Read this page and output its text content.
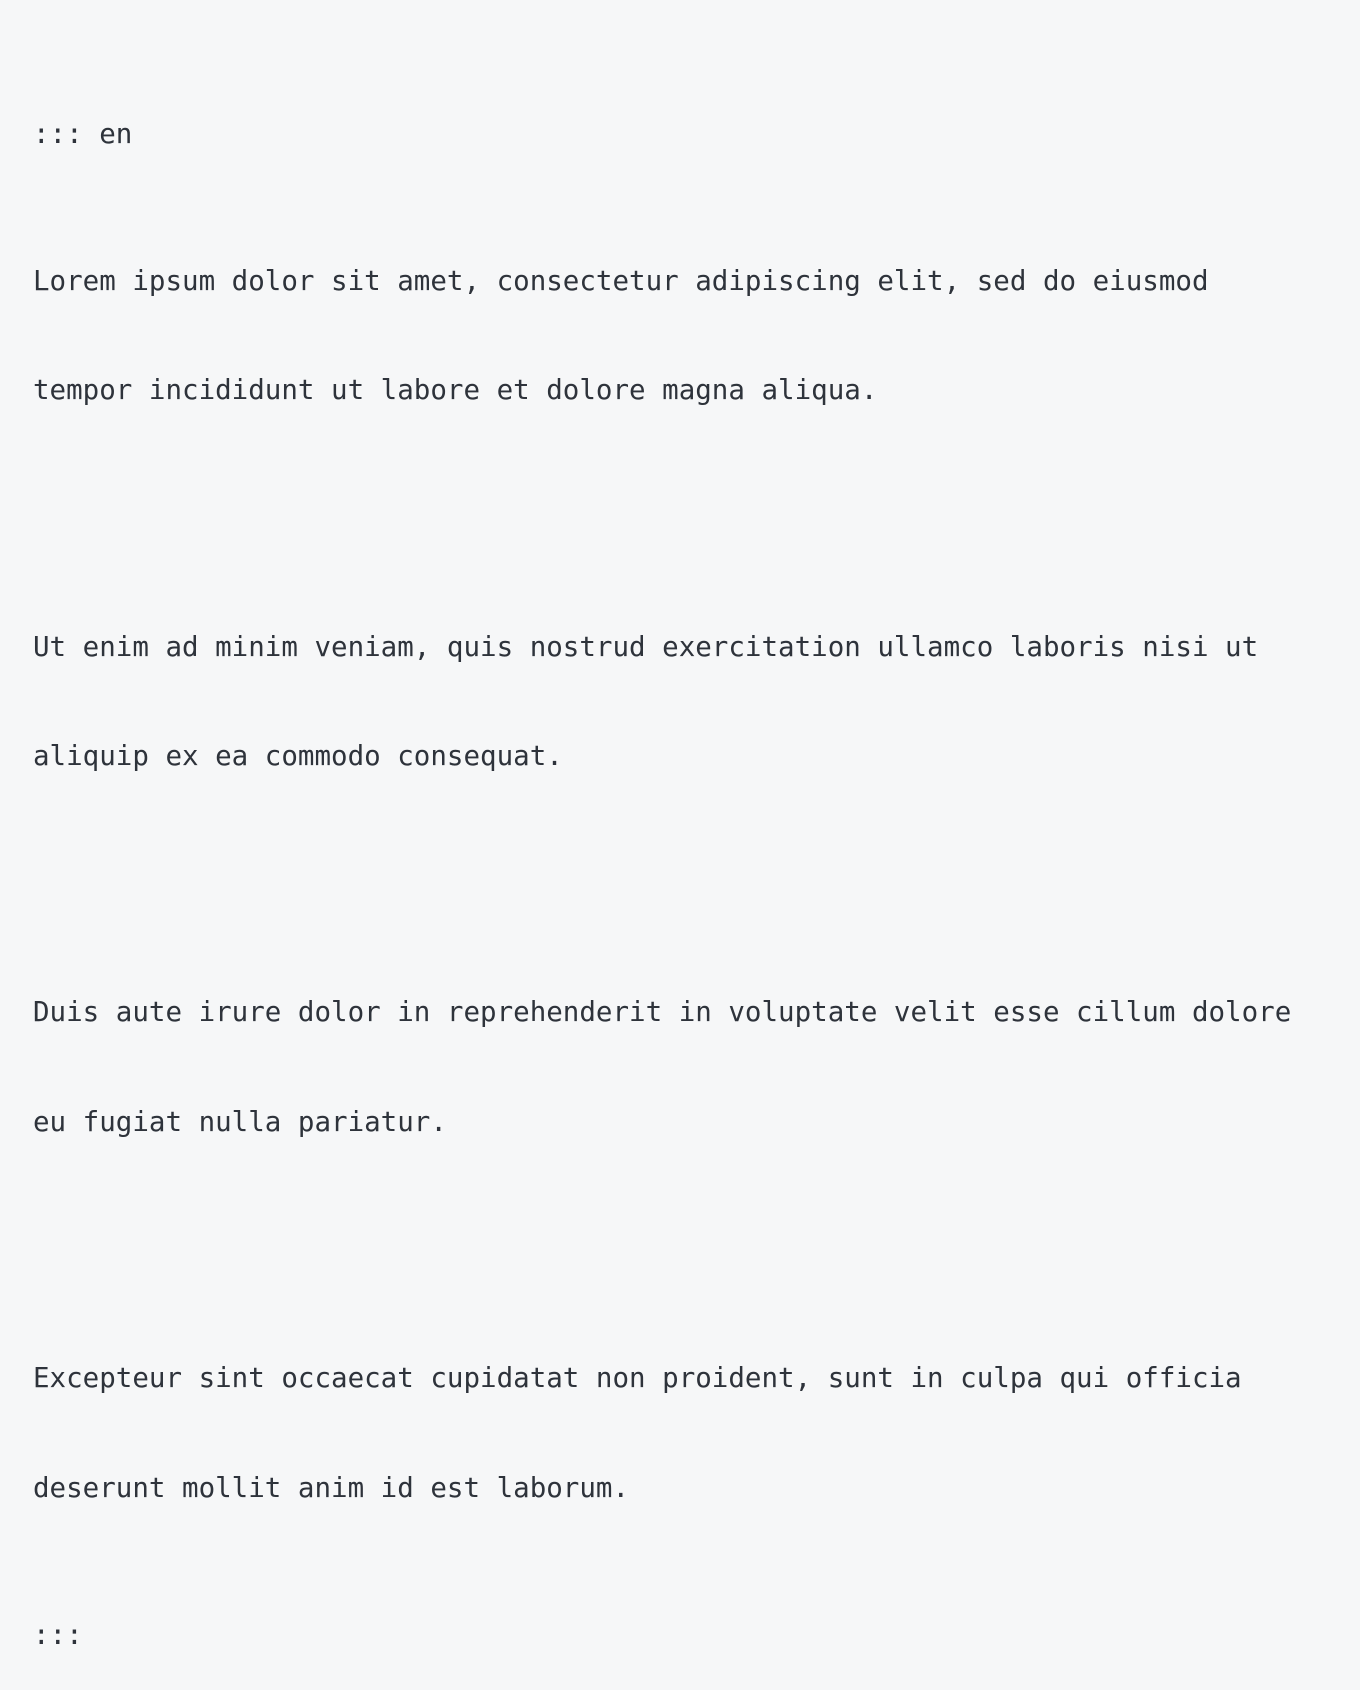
::: en

Lorem ipsum dolor sit amet, consectetur adipiscing elit, sed do eiusmod

tempor incididunt ut labore et dolore magna aliqua.

Ut enim ad minim veniam, quis nostrud exercitation ullamco laboris nisi ut

aliquip ex ea commodo consequat.

Duis aute irure dolor in reprehenderit in voluptate velit esse cillum dolore

eu fugiat nulla pariatur.

Excepteur sint occaecat cupidatat non proident, sunt in culpa qui officia

deserunt mollit anim id est laborum.

:::
